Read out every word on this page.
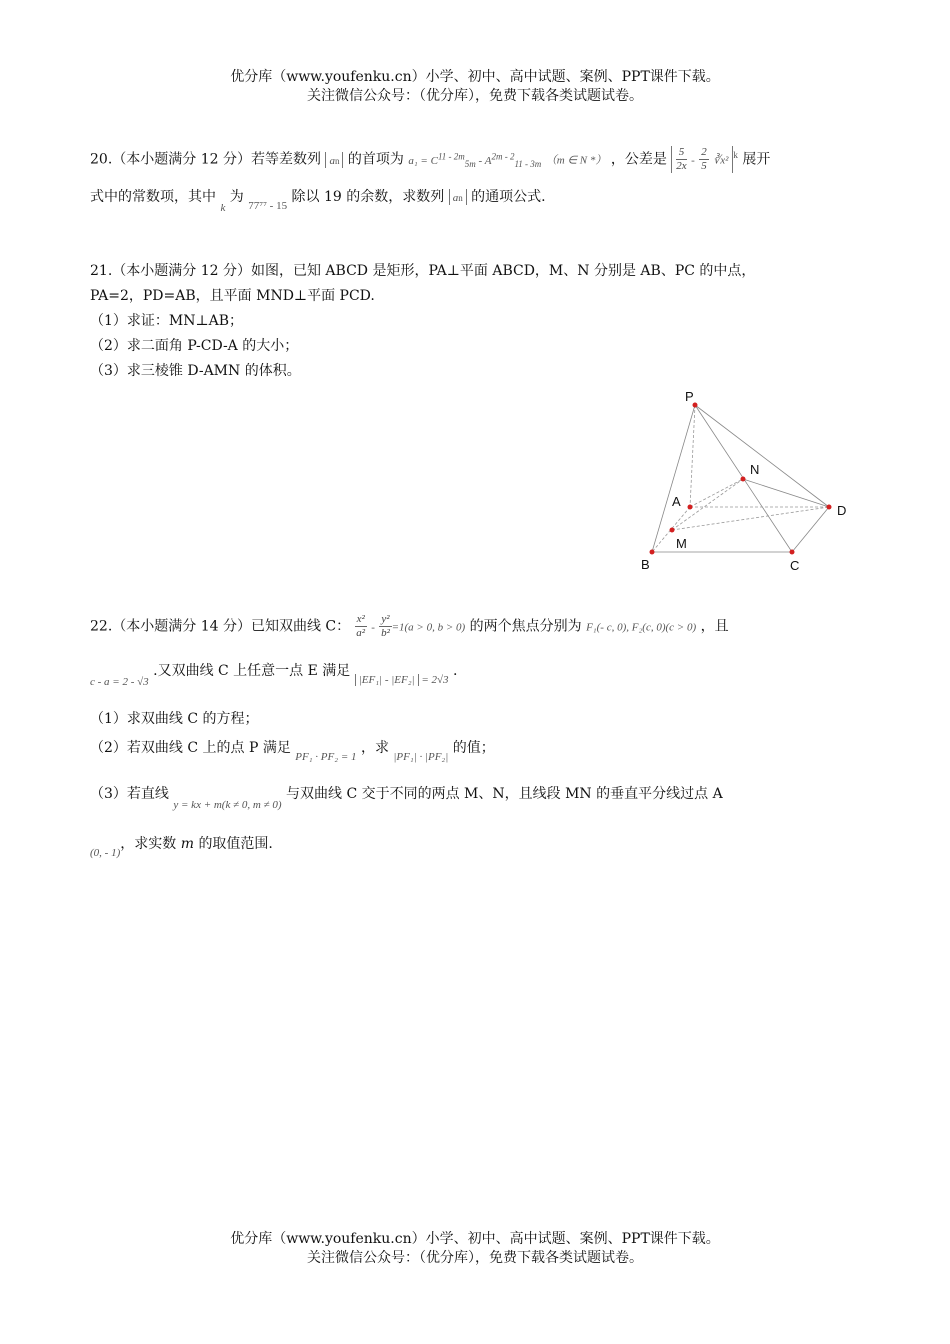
优分库（www.youfenku.cn）小学、初中、高中试题、案例、PPT课件下载。
关注微信公众号：（优分库），免费下载各类试题试卷。
20.（本小题满分 12 分）若等差数列 an 的首项为 $a_1 = C^{11 - 2m}_{5m} - A^{2m - 2}_{11 - 3m}$ （m ∈ N *） ，公差是 $\frac{5}{2x} - \frac{2}{5}$ ∛x² $^k$ 展开
式中的常数项，其中 $_k$ 为 $_{77^{77} - 15}$ 除以 19 的余数，求数列 an 的通项公式.
21.（本小题满分 12 分）如图，已知 ABCD 是矩形，PA⊥平面 ABCD，M、N 分别是 AB、PC 的中点，
PA=2，PD=AB，且平面 MND⊥平面 PCD.
（1）求证：MN⊥AB；
（2）求二面角 P-CD-A 的大小；
（3）求三棱锥 D-AMN 的体积。
P
N
A
D
M
B	C
22.（本小题满分 14 分）已知双曲线 C： $\frac{\text{x²}}{\text{a²}} - \frac{\text{y²}}{\text{b²}} =1(a > 0$, b > 0) 的两个焦点分别为 F₁(- c, 0), F₂(c, 0)(c > 0) ，且
$_{c - a = 2 - √3}$ .又双曲线 C 上任意一点 E 满足 $_{|EF_1| - |EF_2| = 2√3}$ .
（1）求双曲线 C 的方程；
（2）若双曲线 C 上的点 P 满足 $_{PF_1 \cdot PF_2 = 1}$ ，求 $_{|PF_1| \cdot |PF_2|}$ 的值；
（3）若直线 $_{y = kx + m(k \ne 0, m \ne 0)}$ 与双曲线 C 交于不同的两点 M、N，且线段 MN 的垂直平分线过点 A
$_{(0, - 1)}$，求实数 m 的取值范围.
优分库（www.youfenku.cn）小学、初中、高中试题、案例、PPT课件下载。
关注微信公众号：（优分库），免费下载各类试题试卷。
